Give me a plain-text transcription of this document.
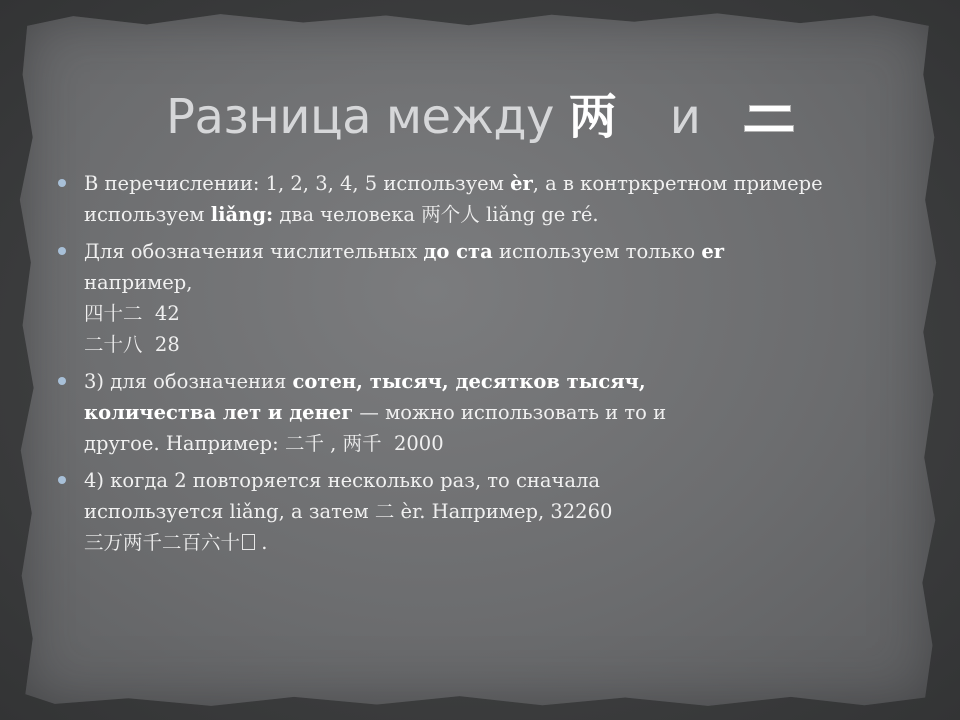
Разница между 两 и
В перечислении: 1, 2, 3, 4, 5 используем èr, а в контркретном примере используем liǎng: два человека 两个人 liǎng ge ré.
Для обозначения числительных до ста используем только er
например,
四十二 42
二十八 28
3) для обозначения сотен, тысяч, десятков тысяч,
количества лет и денег — можно использовать и то и
другое. Например: 二千 , 两千 2000
4) когда 2 повторяется несколько раз, то сначала
используется liǎng, а затем 二 èr. Например, 32260
三万两千二百六十 .
